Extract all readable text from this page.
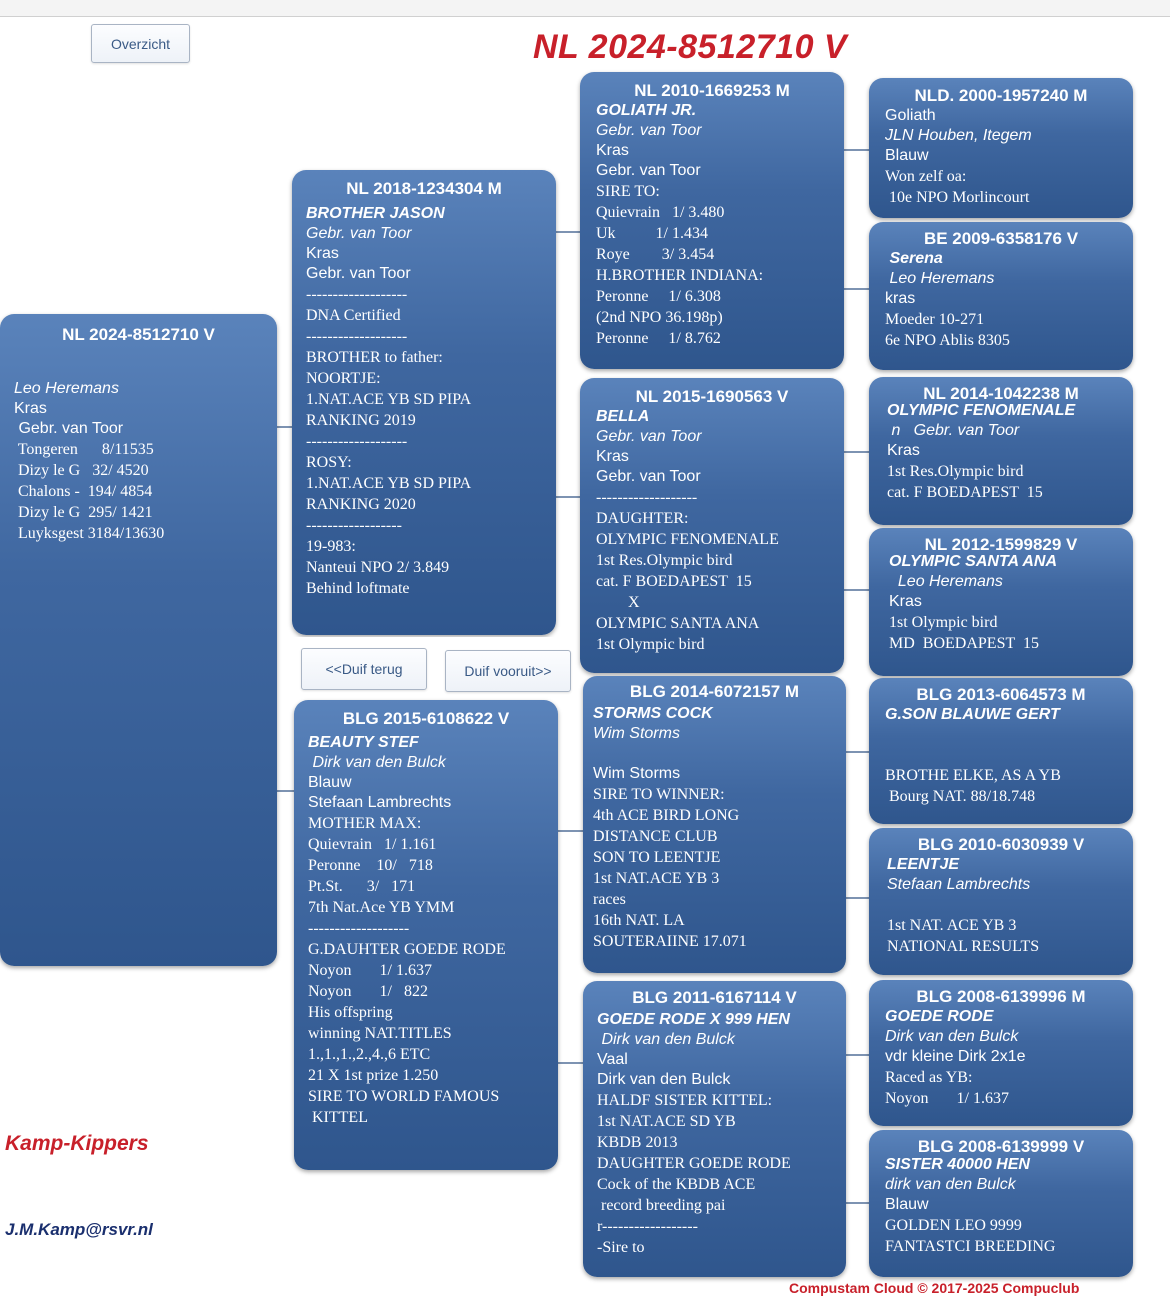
Overzicht	NL 2024-8512710 V
NL 2024-8512710 V
Leo Heremans
Kras
Gebr. van Toor
Tongeren      8/11535
Dizy le G   32/ 4520
Chalons -  194/ 4854
Dizy le G  295/ 1421
Luyksgest 3184/13630
NL 2018-1234304 M
BROTHER JASON
Gebr. van Toor
Kras
Gebr. van Toor
-------------------
DNA Certified
-------------------
BROTHER to father:
NOORTJE:
1.NAT.ACE YB SD PIPA
RANKING 2019
-------------------
ROSY:
1.NAT.ACE YB SD PIPA
RANKING 2020
------------------
19-983:
Nanteui NPO 2/ 3.849
Behind loftmate
<<Duif terug	Duif vooruit>>
BLG 2015-6108622 V
BEAUTY STEF
Dirk van den Bulck
Blauw
Stefaan Lambrechts
MOTHER MAX:
Quievrain   1/ 1.161
Peronne    10/   718
Pt.St.      3/   171
7th Nat.Ace YB YMM
-------------------
G.DAUHTER GOEDE RODE
Noyon       1/ 1.637
Noyon       1/   822
His offspring
winning NAT.TITLES
1.,1.,1.,2.,4.,6 ETC
21 X 1st prize 1.250
SIRE TO WORLD FAMOUS
KITTEL
NL 2010-1669253 M
GOLIATH JR.
Gebr. van Toor
Kras
Gebr. van Toor
SIRE TO:
Quievrain   1/ 3.480
Uk          1/ 1.434
Roye        3/ 3.454
H.BROTHER INDIANA:
Peronne     1/ 6.308
(2nd NPO 36.198p)
Peronne     1/ 8.762
NL 2015-1690563 V
BELLA
Gebr. van Toor
Kras
Gebr. van Toor
-------------------
DAUGHTER:
OLYMPIC FENOMENALE
1st Res.Olympic bird
cat. F BOEDAPEST  15
X
OLYMPIC SANTA ANA
1st Olympic bird
BLG 2014-6072157 M
STORMS COCK
Wim Storms
Wim Storms
SIRE TO WINNER:
4th ACE BIRD LONG
DISTANCE CLUB
SON TO LEENTJE
1st NAT.ACE YB 3
races
16th NAT. LA
SOUTERAIINE 17.071
BLG 2011-6167114 V
GOEDE RODE X 999 HEN
Dirk van den Bulck
Vaal
Dirk van den Bulck
HALDF SISTER KITTEL:
1st NAT.ACE SD YB
KBDB 2013
DAUGHTER GOEDE RODE
Cock of the KBDB ACE
record breeding pai
r------------------
-Sire to
NLD. 2000-1957240 M
Goliath
JLN Houben, Itegem
Blauw
Won zelf oa:
10e NPO Morlincourt
BE 2009-6358176 V
Serena
Leo Heremans
kras
Moeder 10-271
6e NPO Ablis 8305
NL 2014-1042238 M
OLYMPIC FENOMENALE
n   Gebr. van Toor
Kras
1st Res.Olympic bird
cat. F BOEDAPEST  15
NL 2012-1599829 V
OLYMPIC SANTA ANA
Leo Heremans
Kras
1st Olympic bird
MD  BOEDAPEST  15
BLG 2013-6064573 M
G.SON BLAUWE GERT
BROTHE ELKE, AS A YB
Bourg NAT. 88/18.748
BLG 2010-6030939 V
LEENTJE
Stefaan Lambrechts
1st NAT. ACE YB 3
NATIONAL RESULTS
BLG 2008-6139996 M
GOEDE RODE
Dirk van den Bulck
vdr kleine Dirk 2x1e
Raced as YB:
Noyon       1/ 1.637
BLG 2008-6139999 V
SISTER 40000 HEN
dirk van den Bulck
Blauw
GOLDEN LEO 9999
FANTASTCI BREEDING
Kamp-Kippers
J.M.Kamp@rsvr.nl
Compustam Cloud © 2017-2025 Compuclub
